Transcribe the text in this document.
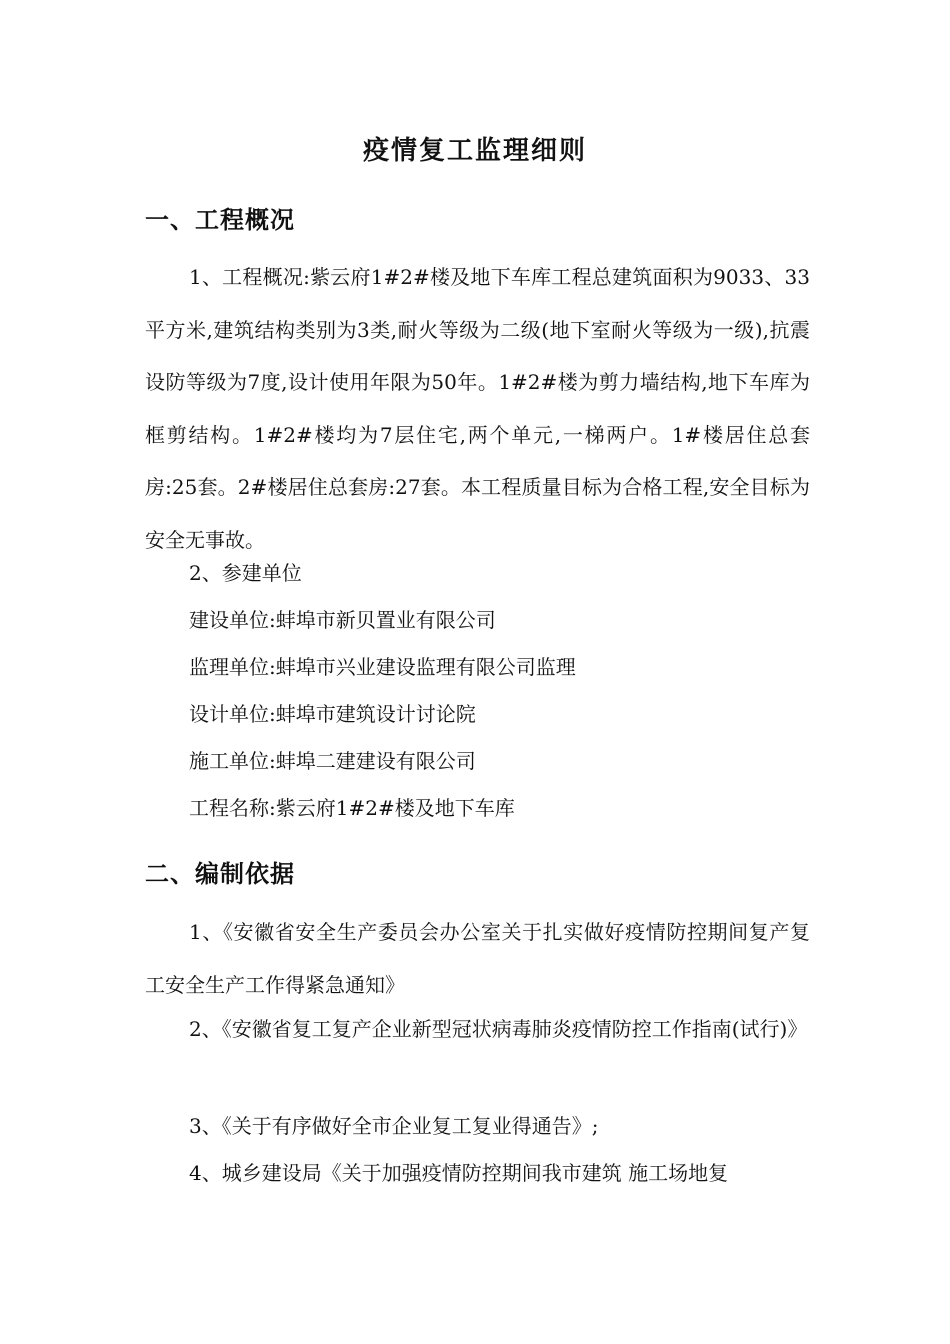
疫情复工监理细则
一、工程概况

1、工程概况:紫云府1#2#楼及地下车库工程总建筑面积为9033、33平方米,建筑结构类别为3类,耐火等级为二级(地下室耐火等级为一级),抗震设防等级为7度,设计使用年限为50年。1#2#楼为剪力墙结构,地下车库为框剪结构。1#2#楼均为7层住宅,两个单元,一梯两户。1#楼居住总套房:25套。2#楼居住总套房:27套。本工程质量目标为合格工程,安全目标为安全无事故。

2、参建单位

建设单位:蚌埠市新贝置业有限公司

监理单位:蚌埠市兴业建设监理有限公司监理

设计单位:蚌埠市建筑设计讨论院

施工单位:蚌埠二建建设有限公司

工程名称:紫云府1#2#楼及地下车库

二、编制依据

1、《安徽省安全生产委员会办公室关于扎实做好疫情防控期间复产复工安全生产工作得紧急通知》

2、《安徽省复工复产企业新型冠状病毒肺炎疫情防控工作指南(试行)》

3、《关于有序做好全市企业复工复业得通告》;

4、城乡建设局《关于加强疫情防控期间我市建筑 施工场地复
